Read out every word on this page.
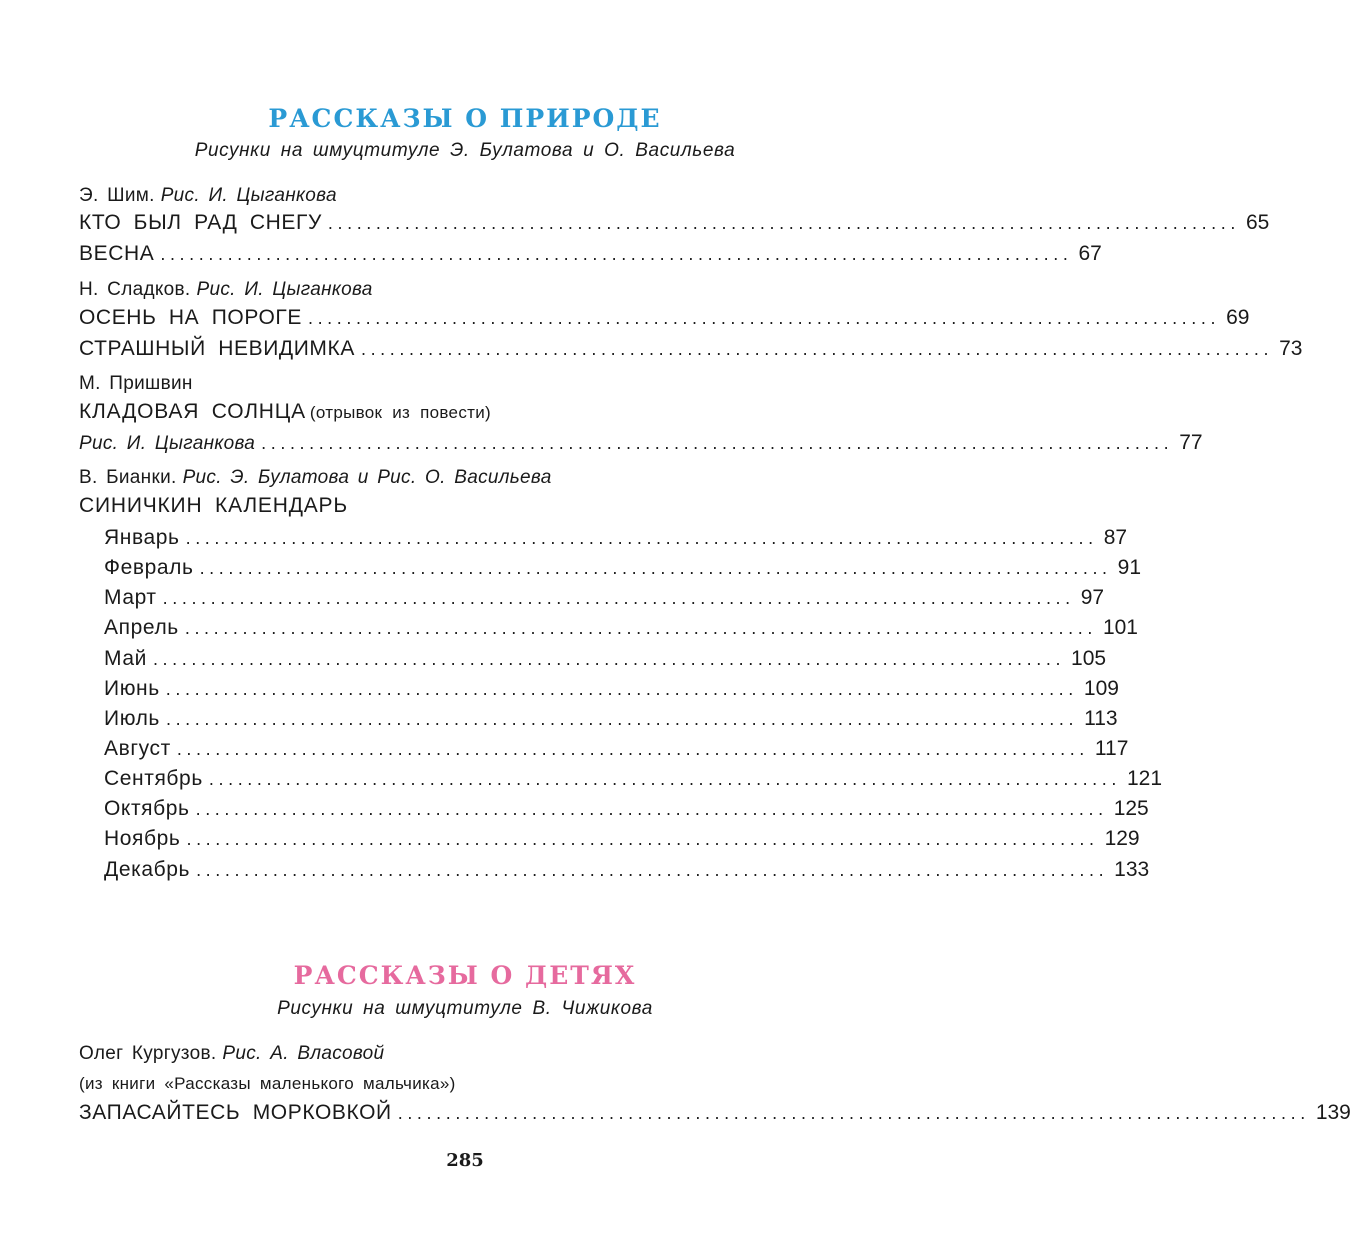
РАССКАЗЫ О ПРИРОДЕ
Рисунки на шмуцтитуле Э. Булатова и О. Васильева
Э. Шим. Рис. И. Цыганкова
КТО БЫЛ РАД СНЕГУ ............................................................................................... 65
ВЕСНА ............................................................................................... 67
Н. Сладков. Рис. И. Цыганкова
ОСЕНЬ НА ПОРОГЕ ............................................................................................... 69
СТРАШНЫЙ НЕВИДИМКА ............................................................................................... 73
М. Пришвин
КЛАДОВАЯ СОЛНЦА (отрывок из повести)
Рис. И. Цыганкова ............................................................................................... 77
В. Бианки. Рис. Э. Булатова и Рис. О. Васильева
СИНИЧКИН КАЛЕНДАРЬ
Январь ............................................................................................... 87
Февраль ............................................................................................... 91
Март ............................................................................................... 97
Апрель ............................................................................................... 101
Май ............................................................................................... 105
Июнь ............................................................................................... 109
Июль ............................................................................................... 113
Август ............................................................................................... 117
Сентябрь ............................................................................................... 121
Октябрь ............................................................................................... 125
Ноябрь ............................................................................................... 129
Декабрь ............................................................................................... 133
РАССКАЗЫ О ДЕТЯХ
Рисунки на шмуцтитуле В. Чижикова
Олег Кургузов. Рис. А. Власовой
(из книги «Рассказы маленького мальчика»)
ЗАПАСАЙТЕСЬ МОРКОВКОЙ ............................................................................................... 139
285
